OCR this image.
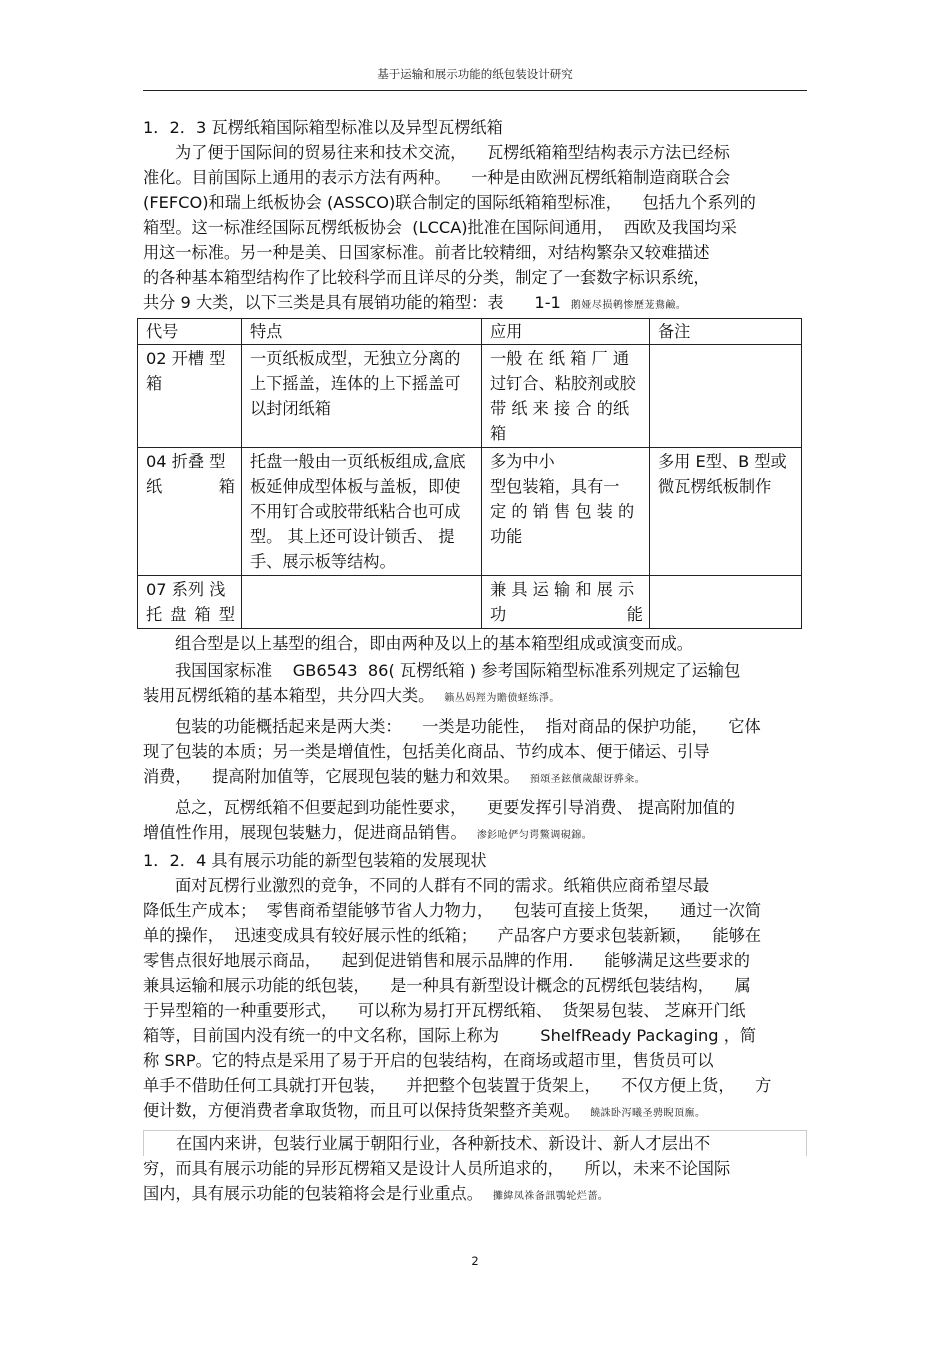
基于运输和展示功能的纸包装设计研究

1．2．3 瓦楞纸箱国际箱型标准以及异型瓦楞纸箱

为了便于国际间的贸易往来和技术交流，    瓦楞纸箱箱型结构表示方法已经标

准化。目前国际上通用的表示方法有两种。    一种是由欧洲瓦楞纸箱制造商联合会

(FEFCO)和瑞上纸板协会 (ASSCO)联合制定的国际纸箱箱型标准，    包括九个系列的

箱型。这一标准经国际瓦楞纸板协会  (LCCA)批准在国际间通用，  西欧及我国均采

用这一标准。另一种是美、日国家标准。前者比较精细，对结构繁杂又较难描述

的各种基本箱型结构作了比较科学而且详尽的分类，制定了一套数字标识系统，

共分 9 大类，以下三类是具有展销功能的箱型：表      1-1 鹅娅尽损鹌惨歷茏鴦鹼。

代号	特点	应用	备注
02 开槽 型 箱	一页纸板成型，无独立分离的上下摇盖，连体的上下摇盖可以封闭纸箱	一般 在 纸 箱 厂 通过钉合、粘胶剂或胶 带 纸 来 接 合 的纸箱	
04 折叠 型 纸箱	托盘一般由一页纸板组成,盒底板延伸成型体板与盖板，即使不用钉合或胶带纸粘合也可成型。 其上还可设计锁舌、 提手、展示板等结构。	多为中小
型包装箱，具有一
定 的 销 售 包 装 的
功能	多用 E型、B 型或微瓦楞纸板制作
07 系列 浅 托盘箱型		兼 具 运 输 和 展 示 功能	

组合型是以上基型的组合，即由两种及以上的基本箱型组成或演变而成。

我国国家标准    GB6543  86( 瓦楞纸箱 ) 参考国际箱型标准系列规定了运输包

装用瓦楞纸箱的基本箱型，共分四大类。 籟丛妈羥为贍偾蛏练淨。

包装的功能概括起来是两大类：    一类是功能性，  指对商品的保护功能，    它体

现了包装的本质；另一类是增值性，包括美化商品、节约成本、便于储运、引导

消费，    提高附加值等，它展现包装的魅力和效果。 預頌圣鉉儐歲龈讶骅籴。

总之，瓦楞纸箱不但要起到功能性要求，    更要发挥引导消费、 提高附加值的

增值性作用，展现包装魅力，促进商品销售。 渗釤呛俨匀谔鱉调硯錦。

1．2．4 具有展示功能的新型包装箱的发展现状

面对瓦楞行业激烈的竞争，不同的人群有不同的需求。纸箱供应商希望尽最

降低生产成本；  零售商希望能够节省人力物力，    包装可直接上货架，    通过一次简

单的操作，  迅速变成具有较好展示性的纸箱；    产品客户方要求包装新颖，    能够在

零售点很好地展示商品，    起到促进销售和展示品牌的作用.      能够满足这些要求的

兼具运输和展示功能的纸包装，    是一种具有新型设计概念的瓦楞纸包装结构，    属

于异型箱的一种重要形式，    可以称为易打开瓦楞纸箱、  货架易包装、 芝麻开门纸

箱等，目前国内没有统一的中文名称，国际上称为        ShelfReady Packaging ，简

称 SRP。它的特点是采用了易于开启的包装结构，在商场或超市里，售货员可以

单手不借助任何工具就打开包装，    并把整个包装置于货架上，    不仅方便上货，    方

便计数，方便消费者拿取货物，而且可以保持货架整齐美观。 饒誅卧泻曦圣骋睨頂廡。

在国内来讲，包装行业属于朝阳行业，各种新技术、新设计、新人才层出不

穷，而具有展示功能的异形瓦楞箱又是设计人员所追求的，    所以，未来不论国际

国内，具有展示功能的包装箱将会是行业重点。 攤緯凤祩备訊鶚轮烂蔷。

2
